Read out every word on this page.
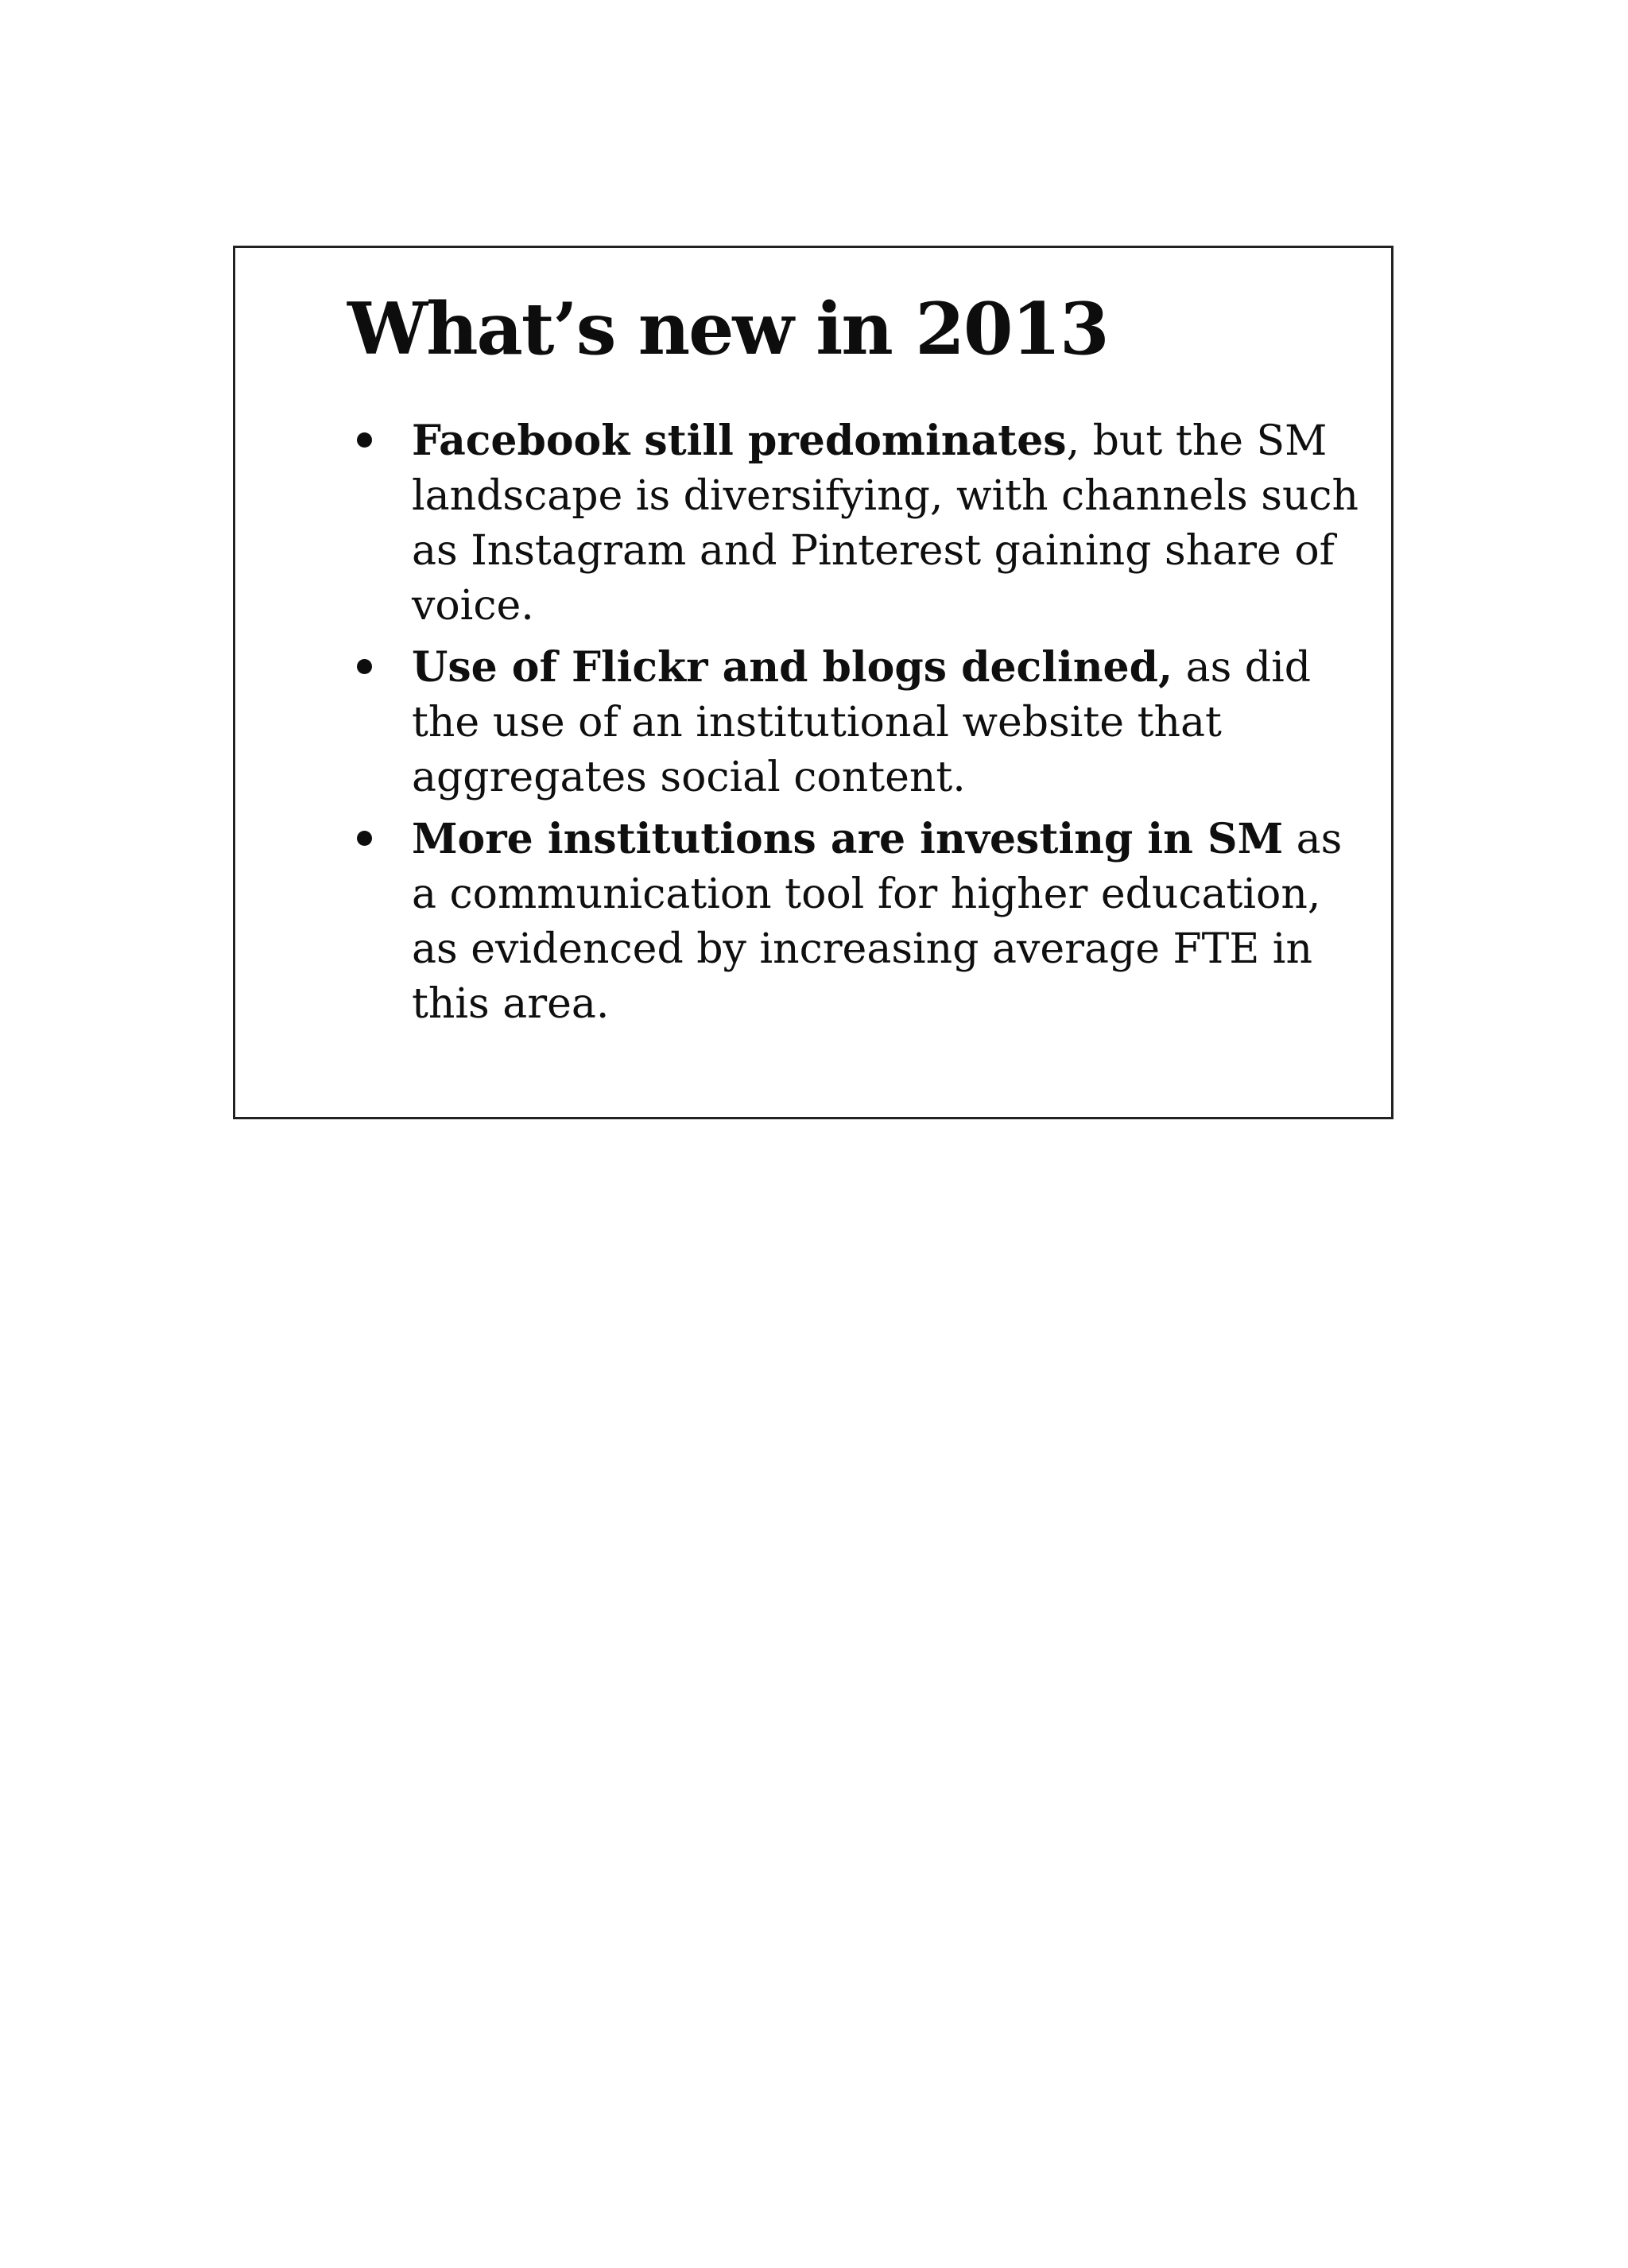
What’s new in 2013
Facebook still predominates, but the SM landscape is diversifying, with channels such as Instagram and Pinterest gaining share of voice.
Use of Flickr and blogs declined, as did the use of an institutional website that aggregates social content.
More institutions are investing in SM as a communication tool for higher education, as evidenced by increasing average FTE in this area.
